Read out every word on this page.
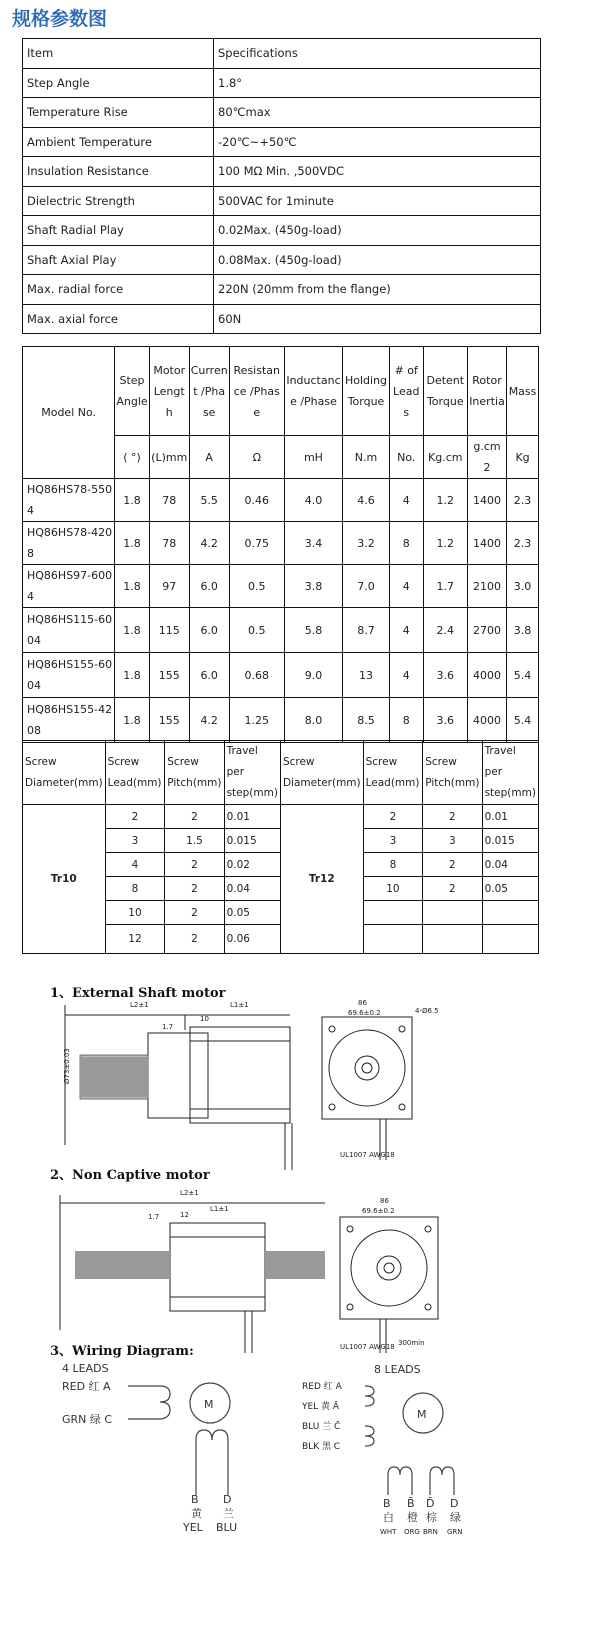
规格参数图
Item	Specifications
Step Angle	1.8°
Temperature Rise	80℃max
Ambient Temperature	-20℃~+50℃
Insulation Resistance	100 MΩ Min. ,500VDC
Dielectric Strength	500VAC for 1minute
Shaft Radial Play	0.02Max. (450g-load)
Shaft Axial Play	0.08Max. (450g-load)
Max. radial force	220N (20mm from the flange)
Max. axial force	60N
Model No.	Step Angle	Motor Length	Current /Phase	Resistance /Phase	Inductance /Phase	Holding Torque	# of Leads	Detent Torque	Rotor Inertia	Mass
	( °)	(L)mm	A	Ω	mH	N.m	No.	Kg.cm	g.cm 2	Kg
HQ86HS78-5504	1.8	78	5.5	0.46	4.0	4.6	4	1.2	1400	2.3
HQ86HS78-4208	1.8	78	4.2	0.75	3.4	3.2	8	1.2	1400	2.3
HQ86HS97-6004	1.8	97	6.0	0.5	3.8	7.0	4	1.7	2100	3.0
HQ86HS115-6004	1.8	115	6.0	0.5	5.8	8.7	4	2.4	2700	3.8
HQ86HS155-6004	1.8	155	6.0	0.68	9.0	13	4	3.6	4000	5.4
HQ86HS155-4208	1.8	155	4.2	1.25	8.0	8.5	8	3.6	4000	5.4
Screw Diameter(mm)	Screw Lead(mm)	Screw Pitch(mm)	Travel per step(mm)	Screw Diameter(mm)	Screw Lead(mm)	Screw Pitch(mm)	Travel per step(mm)
Tr10	2	2	0.01	Tr12	2	2	0.01
	3	1.5	0.015		3	3	0.015
	4	2	0.02		8	2	0.04
	8	2	0.04		10	2	0.05
	10	2	0.05				
	12	2	0.06				
1、External Shaft motor
L2±1	L1±1
1.7
10
Ø73±0.03
86
69.6±0.2	4-Ø6.5
UL1007 AWG18
2、Non Captive motor
L2±1
L1±1
1.7	12
86
69.6±0.2
UL1007 AWG18 300min
3、Wiring Diagram:
4 LEADS
RED 红 A
GRN 绿 C
M
B
黄
YEL
D
兰
BLU
8 LEADS
RED 红 A
YEL 黄 Ā
BLU 兰 C̄
BLK 黑 C
M
B
白
WHT
B̄
橙
ORG
D̄
棕
BRN
D
绿
GRN
